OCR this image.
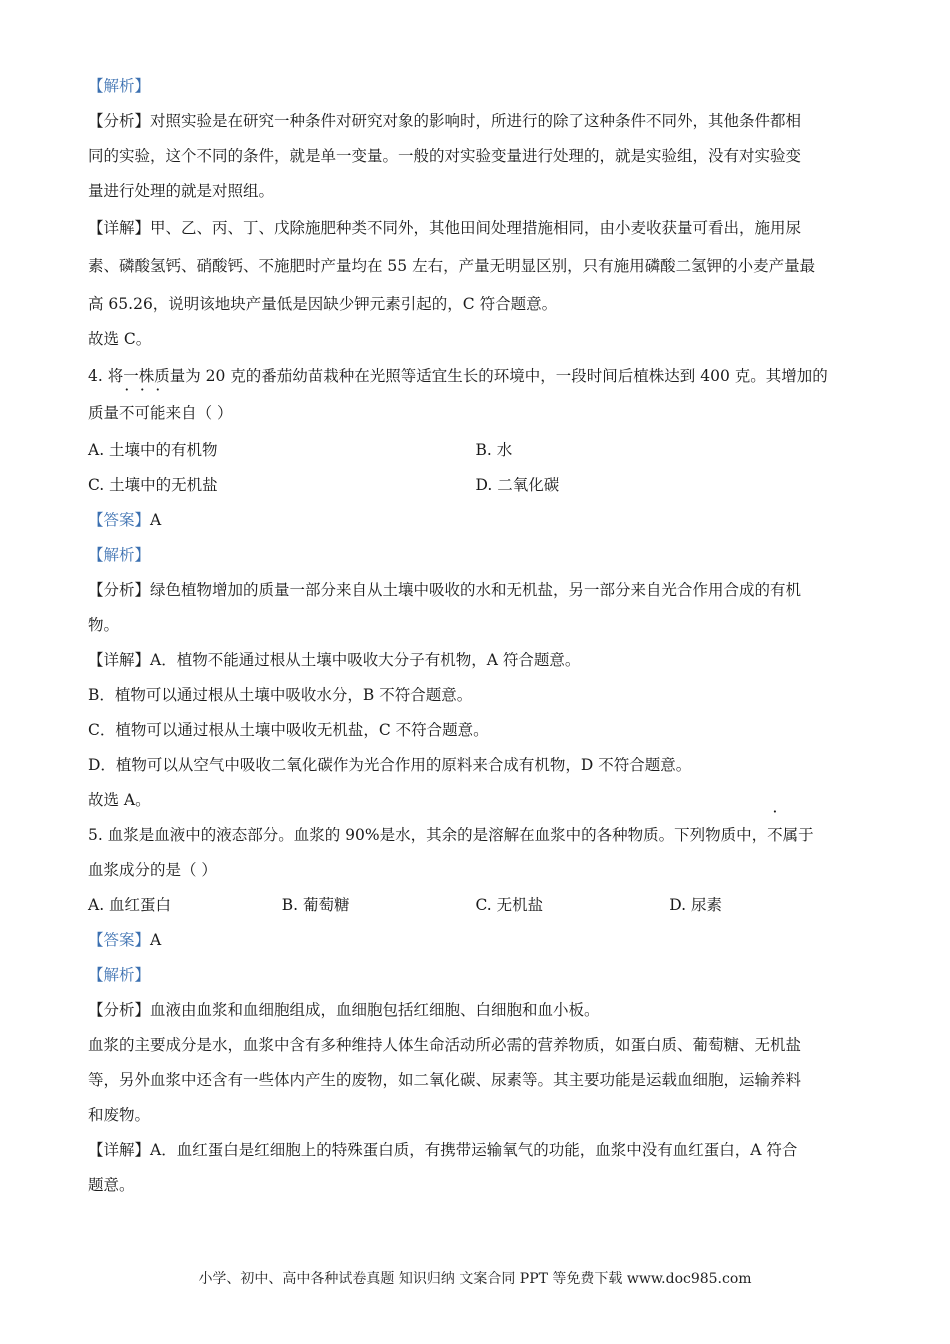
【解析】
【分析】对照实验是在研究一种条件对研究对象的影响时，所进行的除了这种条件不同外，其他条件都相
同的实验，这个不同的条件，就是单一变量。一般的对实验变量进行处理的，就是实验组，没有对实验变
量进行处理的就是对照组。
【详解】甲、乙、丙、丁、戊除施肥种类不同外，其他田间处理措施相同，由小麦收获量可看出，施用尿
素、磷酸氢钙、硝酸钙、不施肥时产量均在 55 左右，产量无明显区别，只有施用磷酸二氢钾的小麦产量最
高 65.26，说明该地块产量低是因缺少钾元素引起的，C 符合题意。
故选 C。
4. 将一株质量为 20 克的番茄幼苗栽种在光照等适宜生长的环境中，一段时间后植株达到 400 克。其增加的
质量不可能来自（ ）
A. 土壤中的有机物	B. 水
C. 土壤中的无机盐	D. 二氧化碳
【答案】A
【解析】
【分析】绿色植物增加的质量一部分来自从土壤中吸收的水和无机盐，另一部分来自光合作用合成的有机
物。
【详解】A．植物不能通过根从土壤中吸收大分子有机物，A 符合题意。
B．植物可以通过根从土壤中吸收水分，B 不符合题意。
C．植物可以通过根从土壤中吸收无机盐，C 不符合题意。
D．植物可以从空气中吸收二氧化碳作为光合作用的原料来合成有机物，D 不符合题意。
故选 A。
5. 血浆是血液中的液态部分。血浆的 90%是水，其余的是溶解在血浆中的各种物质。下列物质中，不属于
血浆成分的是（ ）
A. 血红蛋白	B. 葡萄糖	C. 无机盐	D. 尿素
【答案】A
【解析】
【分析】血液由血浆和血细胞组成，血细胞包括红细胞、白细胞和血小板。
血浆的主要成分是水，血浆中含有多种维持人体生命活动所必需的营养物质，如蛋白质、葡萄糖、无机盐
等，另外血浆中还含有一些体内产生的废物，如二氧化碳、尿素等。其主要功能是运载血细胞，运输养料
和废物。
【详解】A．血红蛋白是红细胞上的特殊蛋白质，有携带运输氧气的功能，血浆中没有血红蛋白，A 符合
题意。
小学、初中、高中各种试卷真题 知识归纳 文案合同 PPT 等免费下载 www.doc985.com
